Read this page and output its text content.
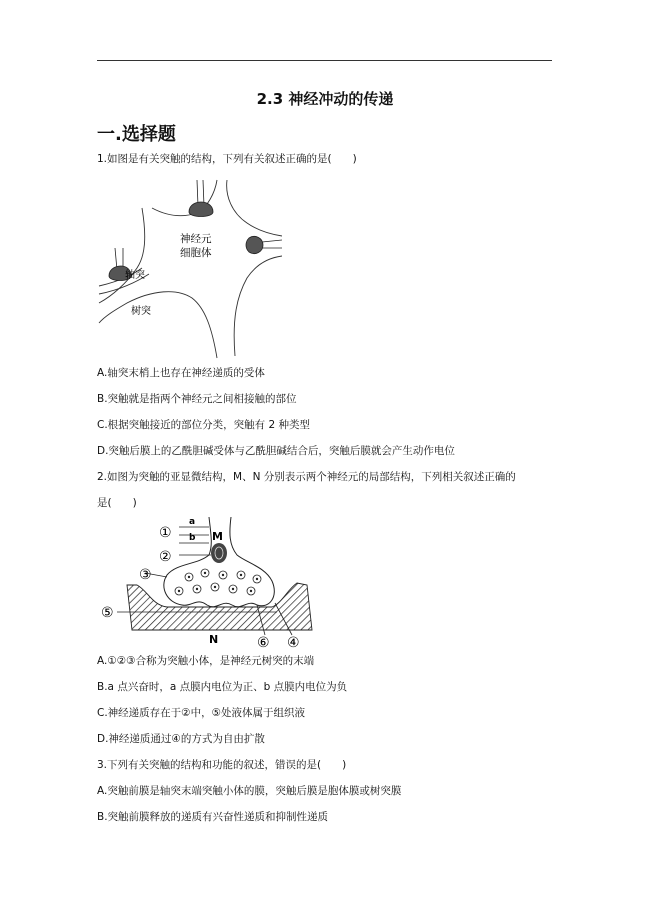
2.3 神经冲动的传递
一.选择题
1.如图是有关突触的结构，下列有关叙述正确的是(　　)
神经元
细胞体
轴突
树突
A.轴突末梢上也存在神经递质的受体
B.突触就是指两个神经元之间相接触的部位
C.根据突触接近的部位分类，突触有 2 种类型
D.突触后膜上的乙酰胆碱受体与乙酰胆碱结合后，突触后膜就会产生动作电位
2.如图为突触的亚显微结构，M、N 分别表示两个神经元的局部结构，下列相关叙述正确的
是(　　)
①
②
③
⑤
⑥ ④
a
b M
N
A.①②③合称为突触小体，是神经元树突的末端
B.a 点兴奋时，a 点膜内电位为正、b 点膜内电位为负
C.神经递质存在于②中，⑤处液体属于组织液
D.神经递质通过④的方式为自由扩散
3.下列有关突触的结构和功能的叙述，错误的是(　　)
A.突触前膜是轴突末端突触小体的膜，突触后膜是胞体膜或树突膜
B.突触前膜释放的递质有兴奋性递质和抑制性递质
